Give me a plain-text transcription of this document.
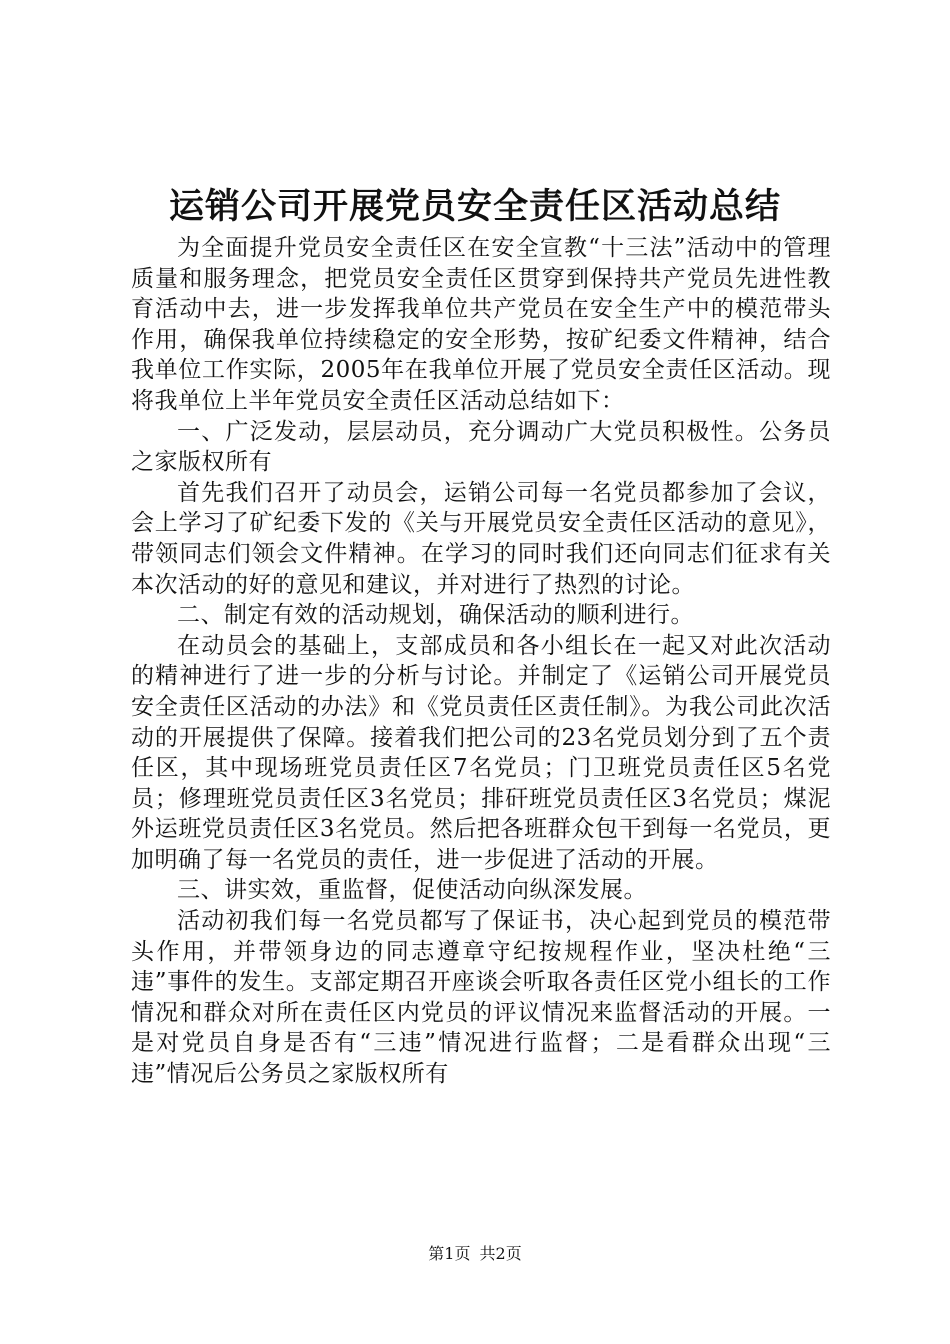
运销公司开展党员安全责任区活动总结

为全面提升党员安全责任区在安全宣教“十三法”活动中的管理质量和服务理念，把党员安全责任区贯穿到保持共产党员先进性教育活动中去，进一步发挥我单位共产党员在安全生产中的模范带头作用，确保我单位持续稳定的安全形势，按矿纪委文件精神，结合我单位工作实际，2005年在我单位开展了党员安全责任区活动。现将我单位上半年党员安全责任区活动总结如下：

一、广泛发动，层层动员，充分调动广大党员积极性。公务员之家版权所有

首先我们召开了动员会，运销公司每一名党员都参加了会议，会上学习了矿纪委下发的《关与开展党员安全责任区活动的意见》，带领同志们领会文件精神。在学习的同时我们还向同志们征求有关本次活动的好的意见和建议，并对进行了热烈的讨论。

二、制定有效的活动规划，确保活动的顺利进行。

在动员会的基础上，支部成员和各小组长在一起又对此次活动的精神进行了进一步的分析与讨论。并制定了《运销公司开展党员安全责任区活动的办法》和《党员责任区责任制》。为我公司此次活动的开展提供了保障。接着我们把公司的23名党员划分到了五个责任区，其中现场班党员责任区7名党员；门卫班党员责任区5名党员；修理班党员责任区3名党员；排矸班党员责任区3名党员；煤泥外运班党员责任区3名党员。然后把各班群众包干到每一名党员，更加明确了每一名党员的责任，进一步促进了活动的开展。

三、讲实效，重监督，促使活动向纵深发展。

活动初我们每一名党员都写了保证书，决心起到党员的模范带头作用，并带领身边的同志遵章守纪按规程作业，坚决杜绝“三违”事件的发生。支部定期召开座谈会听取各责任区党小组长的工作情况和群众对所在责任区内党员的评议情况来监督活动的开展。一是对党员自身是否有“三违”情况进行监督；二是看群众出现“三违”情况后公务员之家版权所有

第1页 共2页
